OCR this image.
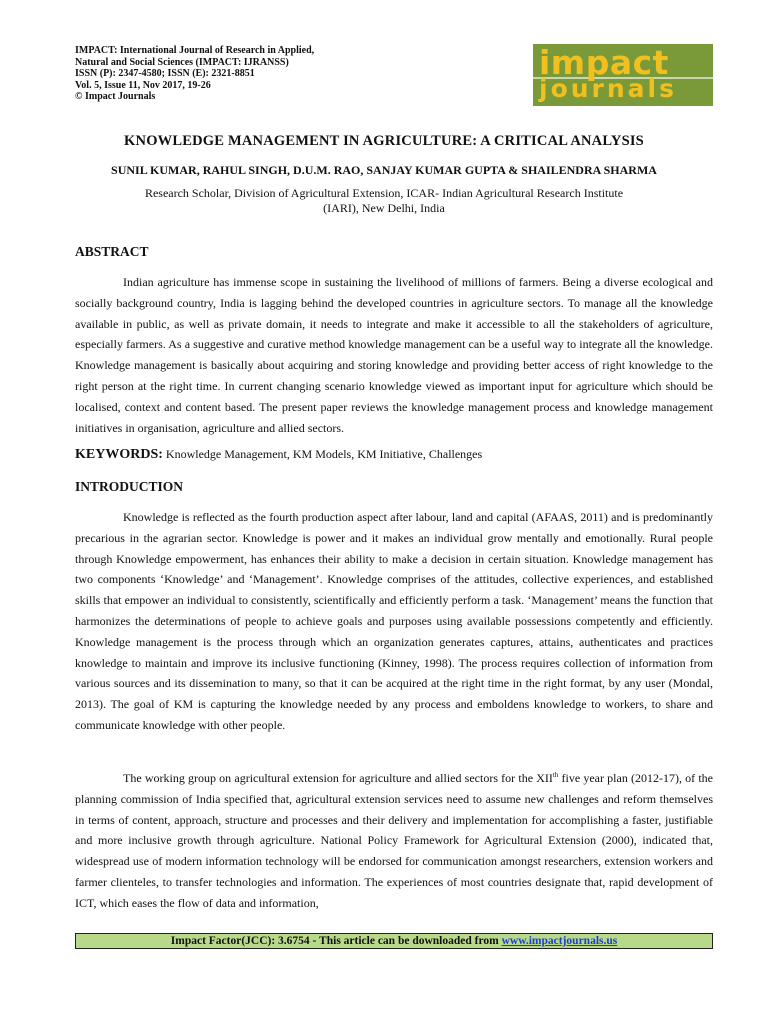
IMPACT: International Journal of Research in Applied,
Natural and Social Sciences (IMPACT: IJRANSS)
ISSN (P): 2347-4580; ISSN (E): 2321-8851
Vol. 5, Issue 11, Nov 2017, 19-26
© Impact Journals
impact
journals
KNOWLEDGE MANAGEMENT IN AGRICULTURE: A CRITICAL ANALYSIS
SUNIL KUMAR, RAHUL SINGH, D.U.M. RAO, SANJAY KUMAR GUPTA & SHAILENDRA SHARMA
Research Scholar, Division of Agricultural Extension, ICAR- Indian Agricultural Research Institute
(IARI), New Delhi, India
ABSTRACT

Indian agriculture has immense scope in sustaining the livelihood of millions of farmers. Being a diverse ecological and socially background country, India is lagging behind the developed countries in agriculture sectors. To manage all the knowledge available in public, as well as private domain, it needs to integrate and make it accessible to all the stakeholders of agriculture, especially farmers. As a suggestive and curative method knowledge management can be a useful way to integrate all the knowledge. Knowledge management is basically about acquiring and storing knowledge and providing better access of right knowledge to the right person at the right time. In current changing scenario knowledge viewed as important input for agriculture which should be localised, context and content based. The present paper reviews the knowledge management process and knowledge management initiatives in organisation, agriculture and allied sectors.

KEYWORDS: Knowledge Management, KM Models, KM Initiative, Challenges
INTRODUCTION

Knowledge is reflected as the fourth production aspect after labour, land and capital (AFAAS, 2011) and is predominantly precarious in the agrarian sector. Knowledge is power and it makes an individual grow mentally and emotionally. Rural people through Knowledge empowerment, has enhances their ability to make a decision in certain situation. Knowledge management has two components ‘Knowledge’ and ‘Management’. Knowledge comprises of the attitudes, collective experiences, and established skills that empower an individual to consistently, scientifically and efficiently perform a task. ‘Management’ means the function that harmonizes the determinations of people to achieve goals and purposes using available possessions competently and efficiently. Knowledge management is the process through which an organization generates captures, attains, authenticates and practices knowledge to maintain and improve its inclusive functioning (Kinney, 1998). The process requires collection of information from various sources and its dissemination to many, so that it can be acquired at the right time in the right format, by any user (Mondal, 2013). The goal of KM is capturing the knowledge needed by any process and emboldens knowledge to workers, to share and communicate knowledge with other people.

The working group on agricultural extension for agriculture and allied sectors for the XIIth five year plan (2012-17), of the planning commission of India specified that, agricultural extension services need to assume new challenges and reform themselves in terms of content, approach, structure and processes and their delivery and implementation for accomplishing a faster, justifiable and more inclusive growth through agriculture. National Policy Framework for Agricultural Extension (2000), indicated that, widespread use of modern information technology will be endorsed for communication amongst researchers, extension workers and farmer clienteles, to transfer technologies and information. The experiences of most countries designate that, rapid development of ICT, which eases the flow of data and information,

Impact Factor(JCC): 3.6754 - This article can be downloaded from www.impactjournals.us
